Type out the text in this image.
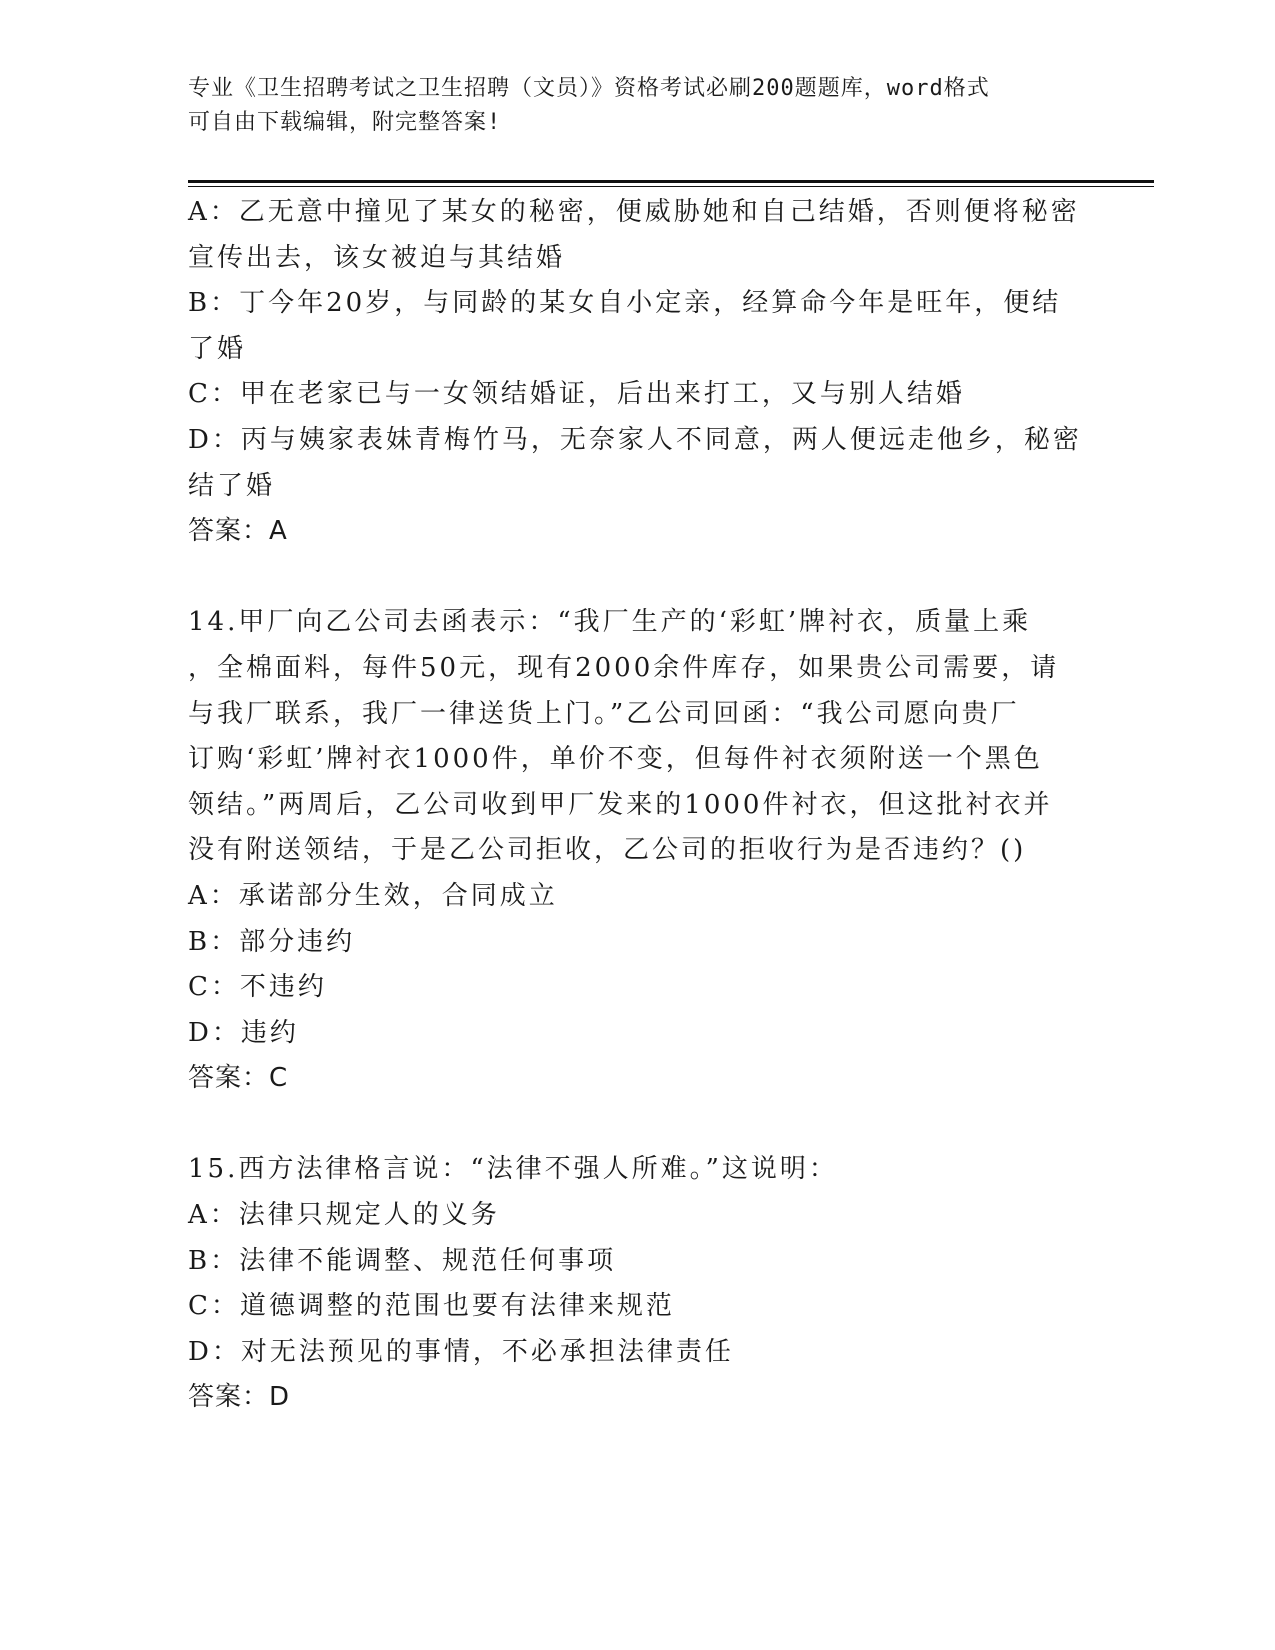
专业《卫生招聘考试之卫生招聘（文员）》资格考试必刷200题题库，word格式
可自由下载编辑，附完整答案!
A：乙无意中撞见了某女的秘密，便威胁她和自己结婚，否则便将秘密
宣传出去，该女被迫与其结婚
B：丁今年20岁，与同龄的某女自小定亲，经算命今年是旺年，便结
了婚
C：甲在老家已与一女领结婚证，后出来打工，又与别人结婚
D：丙与姨家表妹青梅竹马，无奈家人不同意，两人便远走他乡，秘密
结了婚
答案：A
14.甲厂向乙公司去函表示：“我厂生产的‘彩虹’牌衬衣，质量上乘
，全棉面料，每件50元，现有2000余件库存，如果贵公司需要，请
与我厂联系，我厂一律送货上门。”乙公司回函：“我公司愿向贵厂
订购‘彩虹’牌衬衣1000件，单价不变，但每件衬衣须附送一个黑色
领结。”两周后，乙公司收到甲厂发来的1000件衬衣，但这批衬衣并
没有附送领结，于是乙公司拒收，乙公司的拒收行为是否违约？()
A：承诺部分生效，合同成立
B：部分违约
C：不违约
D：违约
答案：C
15.西方法律格言说：“法律不强人所难。”这说明：
A：法律只规定人的义务
B：法律不能调整、规范任何事项
C：道德调整的范围也要有法律来规范
D：对无法预见的事情，不必承担法律责任
答案：D
